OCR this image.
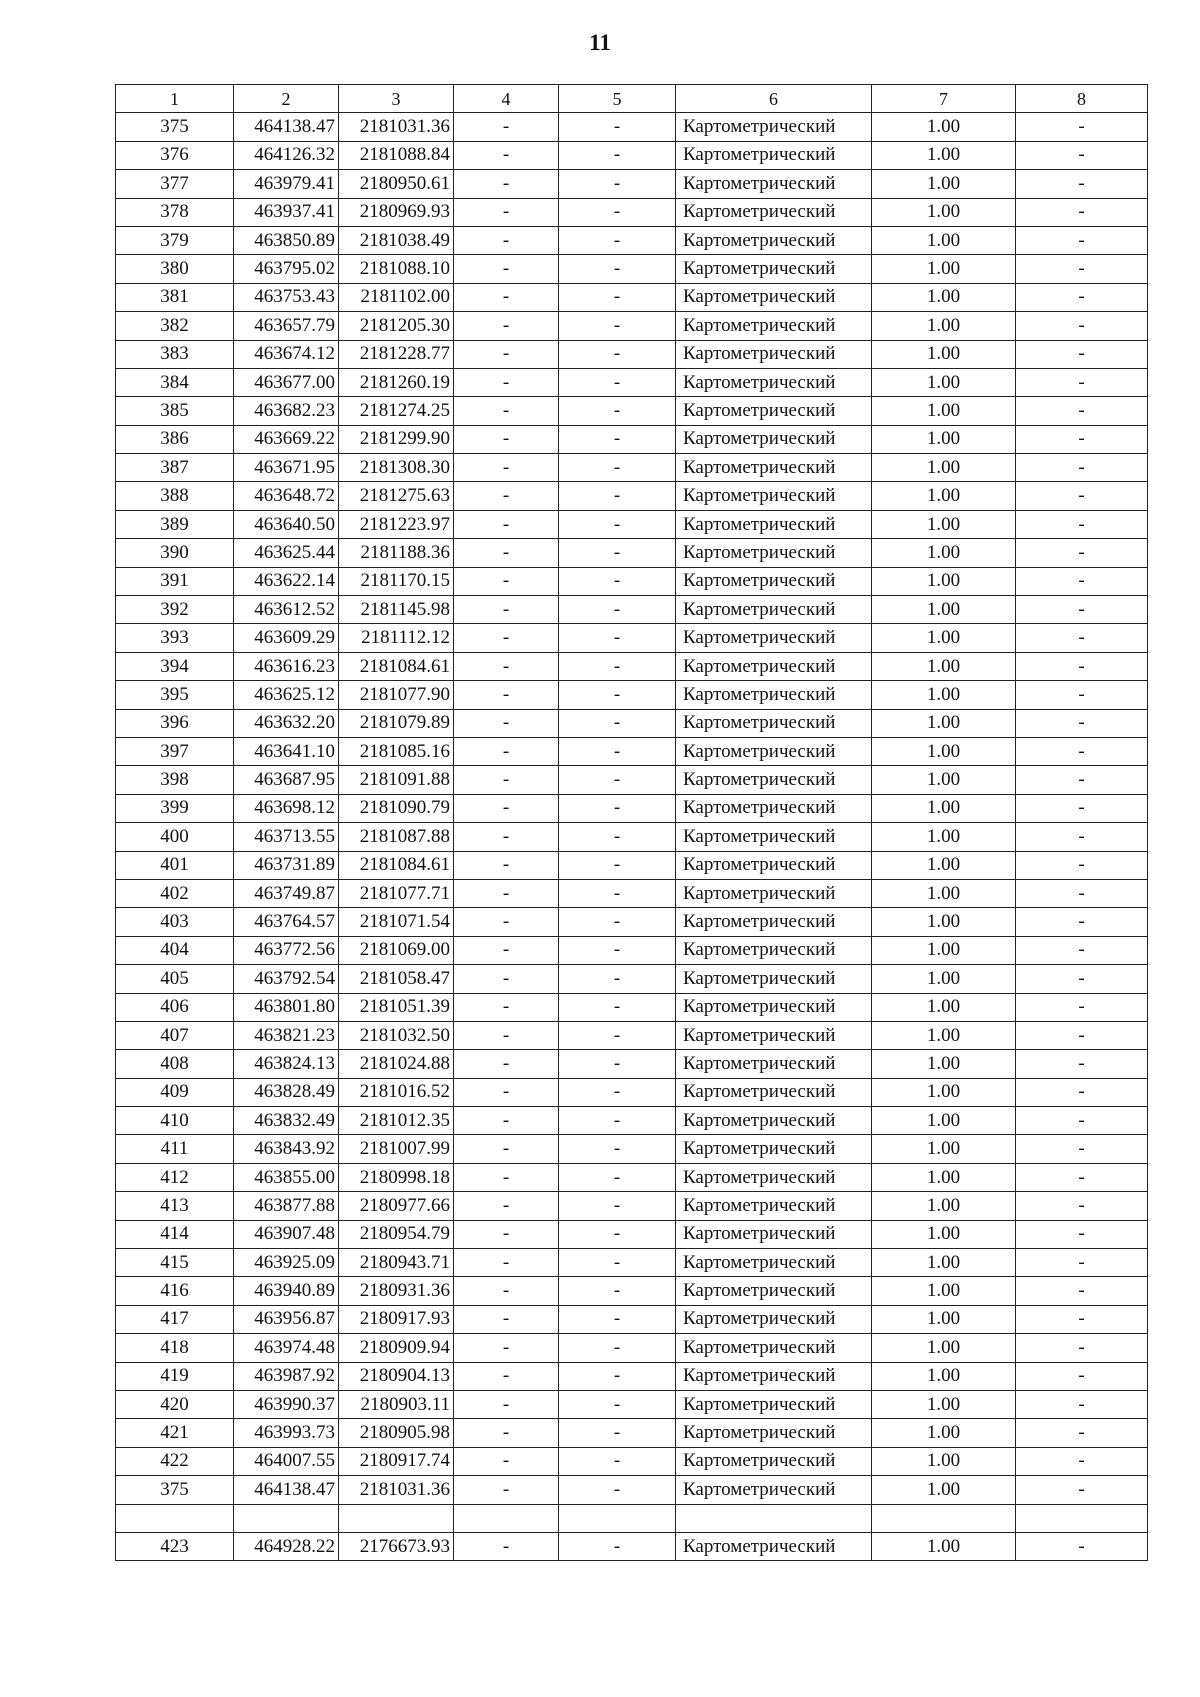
11
1	2	3	4	5	6	7	8
375	464138.47	2181031.36	-	-	Картометрический	1.00	-
376	464126.32	2181088.84	-	-	Картометрический	1.00	-
377	463979.41	2180950.61	-	-	Картометрический	1.00	-
378	463937.41	2180969.93	-	-	Картометрический	1.00	-
379	463850.89	2181038.49	-	-	Картометрический	1.00	-
380	463795.02	2181088.10	-	-	Картометрический	1.00	-
381	463753.43	2181102.00	-	-	Картометрический	1.00	-
382	463657.79	2181205.30	-	-	Картометрический	1.00	-
383	463674.12	2181228.77	-	-	Картометрический	1.00	-
384	463677.00	2181260.19	-	-	Картометрический	1.00	-
385	463682.23	2181274.25	-	-	Картометрический	1.00	-
386	463669.22	2181299.90	-	-	Картометрический	1.00	-
387	463671.95	2181308.30	-	-	Картометрический	1.00	-
388	463648.72	2181275.63	-	-	Картометрический	1.00	-
389	463640.50	2181223.97	-	-	Картометрический	1.00	-
390	463625.44	2181188.36	-	-	Картометрический	1.00	-
391	463622.14	2181170.15	-	-	Картометрический	1.00	-
392	463612.52	2181145.98	-	-	Картометрический	1.00	-
393	463609.29	2181112.12	-	-	Картометрический	1.00	-
394	463616.23	2181084.61	-	-	Картометрический	1.00	-
395	463625.12	2181077.90	-	-	Картометрический	1.00	-
396	463632.20	2181079.89	-	-	Картометрический	1.00	-
397	463641.10	2181085.16	-	-	Картометрический	1.00	-
398	463687.95	2181091.88	-	-	Картометрический	1.00	-
399	463698.12	2181090.79	-	-	Картометрический	1.00	-
400	463713.55	2181087.88	-	-	Картометрический	1.00	-
401	463731.89	2181084.61	-	-	Картометрический	1.00	-
402	463749.87	2181077.71	-	-	Картометрический	1.00	-
403	463764.57	2181071.54	-	-	Картометрический	1.00	-
404	463772.56	2181069.00	-	-	Картометрический	1.00	-
405	463792.54	2181058.47	-	-	Картометрический	1.00	-
406	463801.80	2181051.39	-	-	Картометрический	1.00	-
407	463821.23	2181032.50	-	-	Картометрический	1.00	-
408	463824.13	2181024.88	-	-	Картометрический	1.00	-
409	463828.49	2181016.52	-	-	Картометрический	1.00	-
410	463832.49	2181012.35	-	-	Картометрический	1.00	-
411	463843.92	2181007.99	-	-	Картометрический	1.00	-
412	463855.00	2180998.18	-	-	Картометрический	1.00	-
413	463877.88	2180977.66	-	-	Картометрический	1.00	-
414	463907.48	2180954.79	-	-	Картометрический	1.00	-
415	463925.09	2180943.71	-	-	Картометрический	1.00	-
416	463940.89	2180931.36	-	-	Картометрический	1.00	-
417	463956.87	2180917.93	-	-	Картометрический	1.00	-
418	463974.48	2180909.94	-	-	Картометрический	1.00	-
419	463987.92	2180904.13	-	-	Картометрический	1.00	-
420	463990.37	2180903.11	-	-	Картометрический	1.00	-
421	463993.73	2180905.98	-	-	Картометрический	1.00	-
422	464007.55	2180917.74	-	-	Картометрический	1.00	-
375	464138.47	2181031.36	-	-	Картометрический	1.00	-

423	464928.22	2176673.93	-	-	Картометрический	1.00	-
